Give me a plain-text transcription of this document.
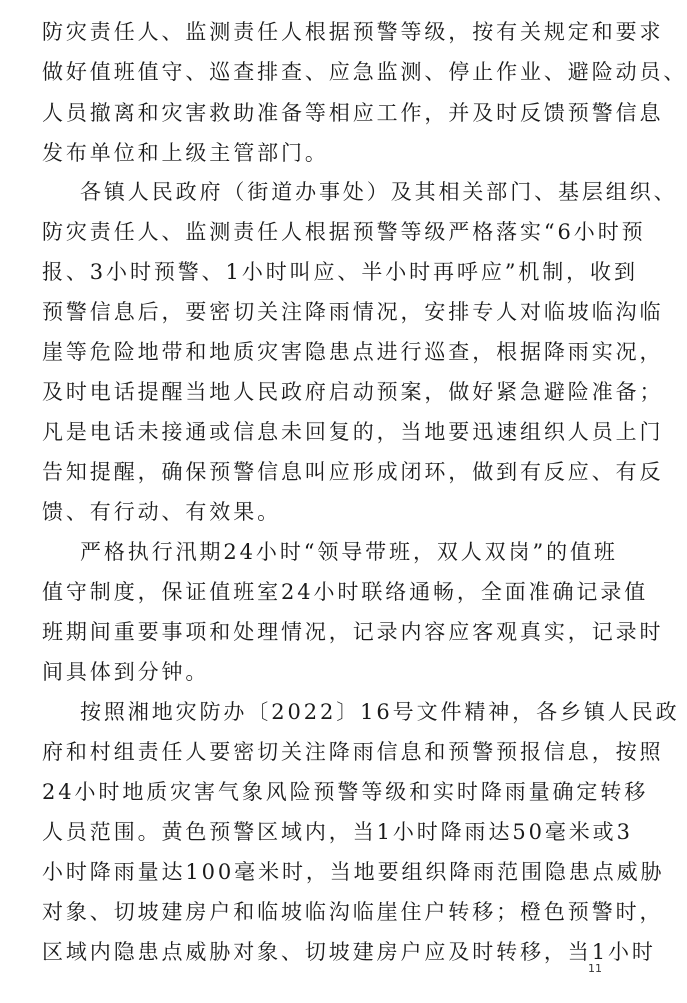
防灾责任人、监测责任人根据预警等级，按有关规定和要求
做好值班值守、巡查排查、应急监测、停止作业、避险动员、
人员撤离和灾害救助准备等相应工作，并及时反馈预警信息
发布单位和上级主管部门。
各镇人民政府（街道办事处）及其相关部门、基层组织、
防灾责任人、监测责任人根据预警等级严格落实“6小时预
报、3小时预警、1小时叫应、半小时再呼应”机制，收到
预警信息后，要密切关注降雨情况，安排专人对临坡临沟临
崖等危险地带和地质灾害隐患点进行巡查，根据降雨实况，
及时电话提醒当地人民政府启动预案，做好紧急避险准备；
凡是电话未接通或信息未回复的，当地要迅速组织人员上门
告知提醒，确保预警信息叫应形成闭环，做到有反应、有反
馈、有行动、有效果。
严格执行汛期24小时“领导带班，双人双岗”的值班
值守制度，保证值班室24小时联络通畅，全面准确记录值
班期间重要事项和处理情况，记录内容应客观真实，记录时
间具体到分钟。
按照湘地灾防办〔2022〕16号文件精神，各乡镇人民政
府和村组责任人要密切关注降雨信息和预警预报信息，按照
24小时地质灾害气象风险预警等级和实时降雨量确定转移
人员范围。黄色预警区域内，当1小时降雨达50毫米或3
小时降雨量达100毫米时，当地要组织降雨范围隐患点威胁
对象、切坡建房户和临坡临沟临崖住户转移；橙色预警时，
区域内隐患点威胁对象、切坡建房户应及时转移，当1小时
11
